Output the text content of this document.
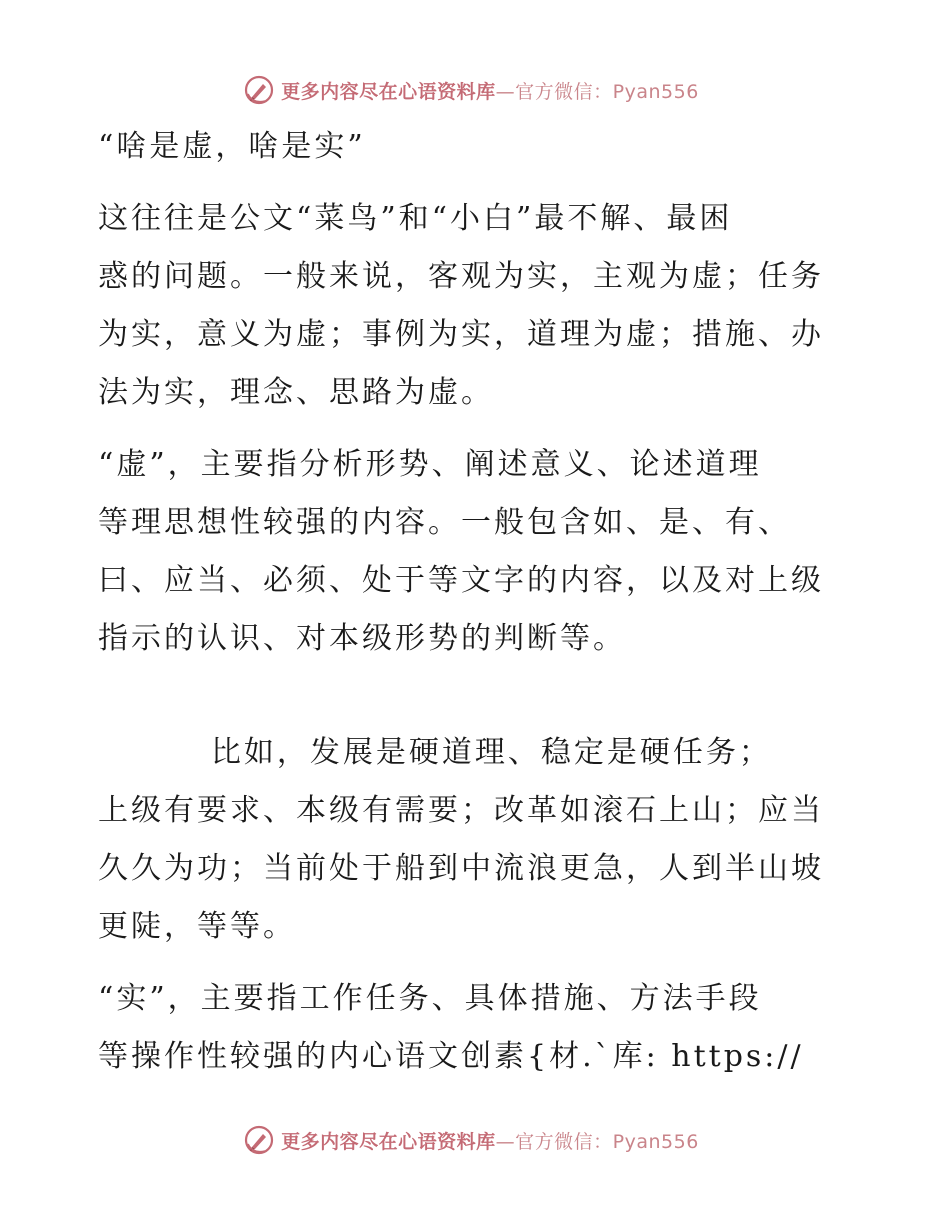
更多内容尽在心语资料库—官方微信：Pyan556
“啥是虚，啥是实”
这往往是公文“菜鸟”和“小白”最不解、最困
惑的问题。一般来说，客观为实，主观为虚；任务
为实，意义为虚；事例为实，道理为虚；措施、办
法为实，理念、思路为虚。
“虚”，主要指分析形势、阐述意义、论述道理
等理思想性较强的内容。一般包含如、是、有、
曰、应当、必须、处于等文字的内容，以及对上级
指示的认识、对本级形势的判断等。
比如，发展是硬道理、稳定是硬任务；
上级有要求、本级有需要；改革如滚石上山；应当
久久为功；当前处于船到中流浪更急，人到半山坡
更陡，等等。
“实”，主要指工作任务、具体措施、方法手段
等操作性较强的内心语文创素{材.`库: https://
更多内容尽在心语资料库—官方微信：Pyan556
